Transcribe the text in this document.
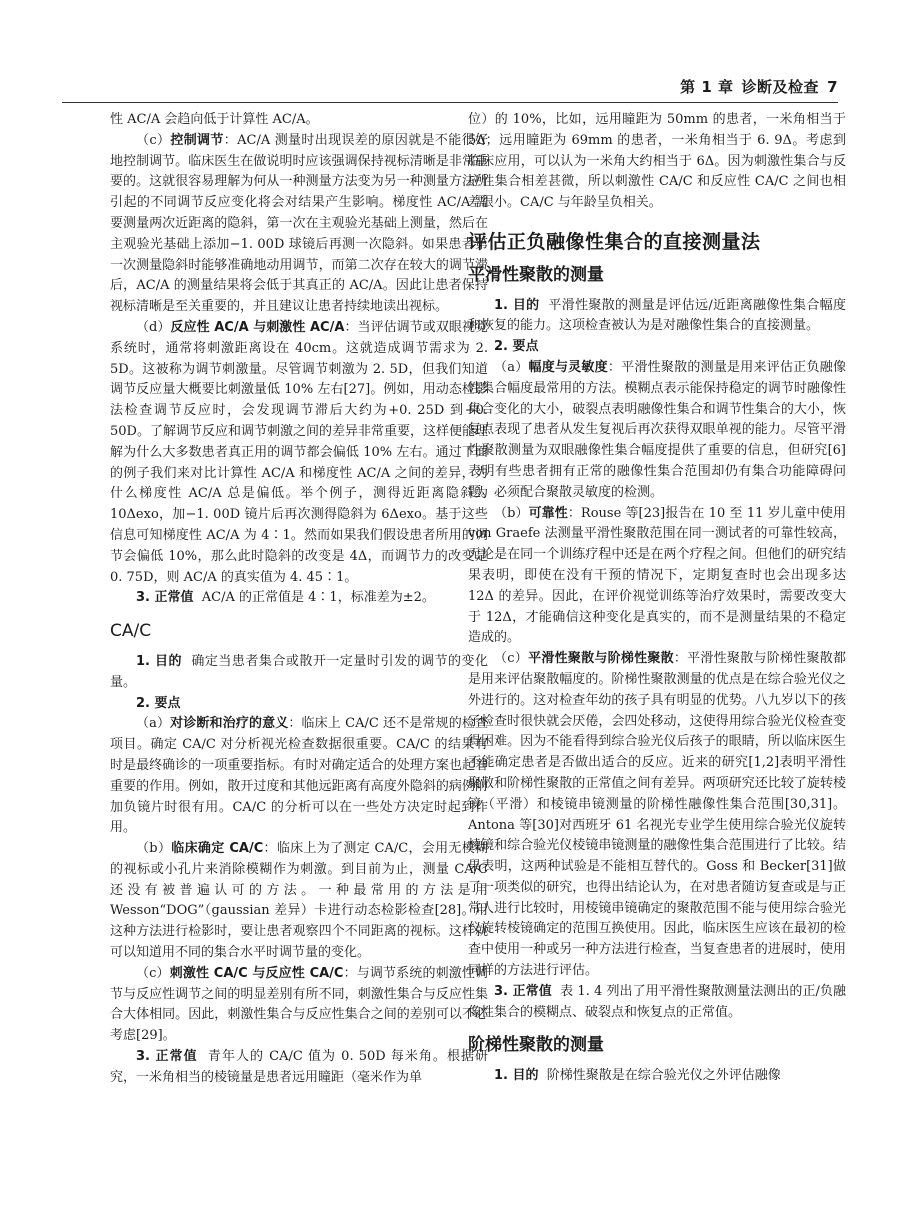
第 1 章 诊断及检查 7

性 AC/A 会趋向低于计算性 AC/A。

（c）控制调节：AC/A 测量时出现误差的原因就是不能很好地控制调节。临床医生在做说明时应该强调保持视标清晰是非常重要的。这就很容易理解为何从一种测量方法变为另一种测量方法所引起的不同调节反应变化将会对结果产生影响。梯度性 AC/A 需要测量两次近距离的隐斜，第一次在主观验光基础上测量，然后在主观验光基础上添加−1. 00D 球镜后再测一次隐斜。如果患者第一次测量隐斜时能够准确地动用调节，而第二次存在较大的调节滞后，AC/A 的测量结果将会低于其真正的 AC/A。因此让患者保持视标清晰是至关重要的，并且建议让患者持续地读出视标。

（d）反应性 AC/A 与刺激性 AC/A：当评估调节或双眼视觉系统时，通常将刺激距离设在 40cm。这就造成调节需求为 2. 5D。这被称为调节刺激量。尽管调节刺激为 2. 5D，但我们知道调节反应量大概要比刺激量低 10% 左右[27]。例如，用动态检影法检查调节反应时，会发现调节滞后大约为+0. 25D 到+0. 50D。了解调节反应和调节刺激之间的差异非常重要，这样便能理解为什么大多数患者真正用的调节都会偏低 10% 左右。通过下面的例子我们来对比计算性 AC/A 和梯度性 AC/A 之间的差异，为什么梯度性 AC/A 总是偏低。举个例子，测得近距离隐斜为 10Δexo，加−1. 00D 镜片后再次测得隐斜为 6Δexo。基于这些信息可知梯度性 AC/A 为 4∶1。然而如果我们假设患者所用的调节会偏低 10%，那么此时隐斜的改变是 4Δ，而调节力的改变是 0. 75D，则 AC/A 的真实值为 4. 45∶1。

3. 正常值 AC/A 的正常值是 4∶1，标准差为±2。

CA/C

1. 目的 确定当患者集合或散开一定量时引发的调节的变化量。

2. 要点

（a）对诊断和治疗的意义：临床上 CA/C 还不是常规的检查项目。确定 CA/C 对分析视光检查数据很重要。CA/C 的结果有时是最终确诊的一项重要指标。有时对确定适合的处理方案也起着重要的作用。例如，散开过度和其他远距离有高度外隐斜的病例附加负镜片时很有用。CA/C 的分析可以在一些处方决定时起到作用。

（b）临床确定 CA/C：临床上为了测定 CA/C，会用无模糊的视标或小孔片来消除模糊作为刺激。到目前为止，测量 CA/C 还没有被普遍认可的方法。一种最常用的方法是用 Wesson“DOG”（gaussian 差异）卡进行动态检影检查[28]。用这种方法进行检影时，要让患者观察四个不同距离的视标。这样就可以知道用不同的集合水平时调节量的变化。

（c）刺激性 CA/C 与反应性 CA/C：与调节系统的刺激性调节与反应性调节之间的明显差别有所不同，刺激性集合与反应性集合大体相同。因此，刺激性集合与反应性集合之间的差别可以不必考虑[29]。

3. 正常值 青年人的 CA/C 值为 0. 50D 每米角。根据研究，一米角相当的棱镜量是患者远用瞳距（毫米作为单

位）的 10%，比如，远用瞳距为 50mm 的患者，一米角相当于 5Δ；远用瞳距为 69mm 的患者，一米角相当于 6. 9Δ。考虑到临床应用，可以认为一米角大约相当于 6Δ。因为刺激性集合与反应性集合相差甚微，所以刺激性 CA/C 和反应性 CA/C 之间也相差很小。CA/C 与年龄呈负相关。

评估正负融像性集合的直接测量法
平滑性聚散的测量

1. 目的 平滑性聚散的测量是评估远/近距离融像性集合幅度和恢复的能力。这项检查被认为是对融像性集合的直接测量。

2. 要点

（a）幅度与灵敏度：平滑性聚散的测量是用来评估正负融像性集合幅度最常用的方法。模糊点表示能保持稳定的调节时融像性集合变化的大小，破裂点表明融像性集合和调节性集合的大小，恢复点表现了患者从发生复视后再次获得双眼单视的能力。尽管平滑性聚散测量为双眼融像性集合幅度提供了重要的信息，但研究[6]表明有些患者拥有正常的融像性集合范围却仍有集合功能障碍问题。必须配合聚散灵敏度的检测。

（b）可靠性：Rouse 等[23]报告在 10 至 11 岁儿童中使用 von Graefe 法测量平滑性聚散范围在同一测试者的可靠性较高，无论是在同一个训练疗程中还是在两个疗程之间。但他们的研究结果表明，即使在没有干预的情况下，定期复查时也会出现多达 12Δ 的差异。因此，在评价视觉训练等治疗效果时，需要改变大于 12Δ，才能确信这种变化是真实的，而不是测量结果的不稳定造成的。

（c）平滑性聚散与阶梯性聚散：平滑性聚散与阶梯性聚散都是用来评估聚散幅度的。阶梯性聚散测量的优点是在综合验光仪之外进行的。这对检查年幼的孩子具有明显的优势。八九岁以下的孩子检查时很快就会厌倦，会四处移动，这使得用综合验光仪检查变得困难。因为不能看得到综合验光仪后孩子的眼睛，所以临床医生不能确定患者是否做出适合的反应。近来的研究[1,2]表明平滑性聚散和阶梯性聚散的正常值之间有差异。两项研究还比较了旋转棱镜（平滑）和棱镜串镜测量的阶梯性融像性集合范围[30,31]。Antona 等[30]对西班牙 61 名视光专业学生使用综合验光仪旋转棱镜和综合验光仪棱镜串镜测量的融像性集合范围进行了比较。结果表明，这两种试验是不能相互替代的。Goss 和 Becker[31]做了一项类似的研究，也得出结论认为，在对患者随访复查或是与正常人进行比较时，用棱镜串镜确定的聚散范围不能与使用综合验光仪旋转棱镜确定的范围互换使用。因此，临床医生应该在最初的检查中使用一种或另一种方法进行检查，当复查患者的进展时，使用同样的方法进行评估。

3. 正常值 表 1. 4 列出了用平滑性聚散测量法测出的正/负融像性集合的模糊点、破裂点和恢复点的正常值。

阶梯性聚散的测量

1. 目的 阶梯性聚散是在综合验光仪之外评估融像
